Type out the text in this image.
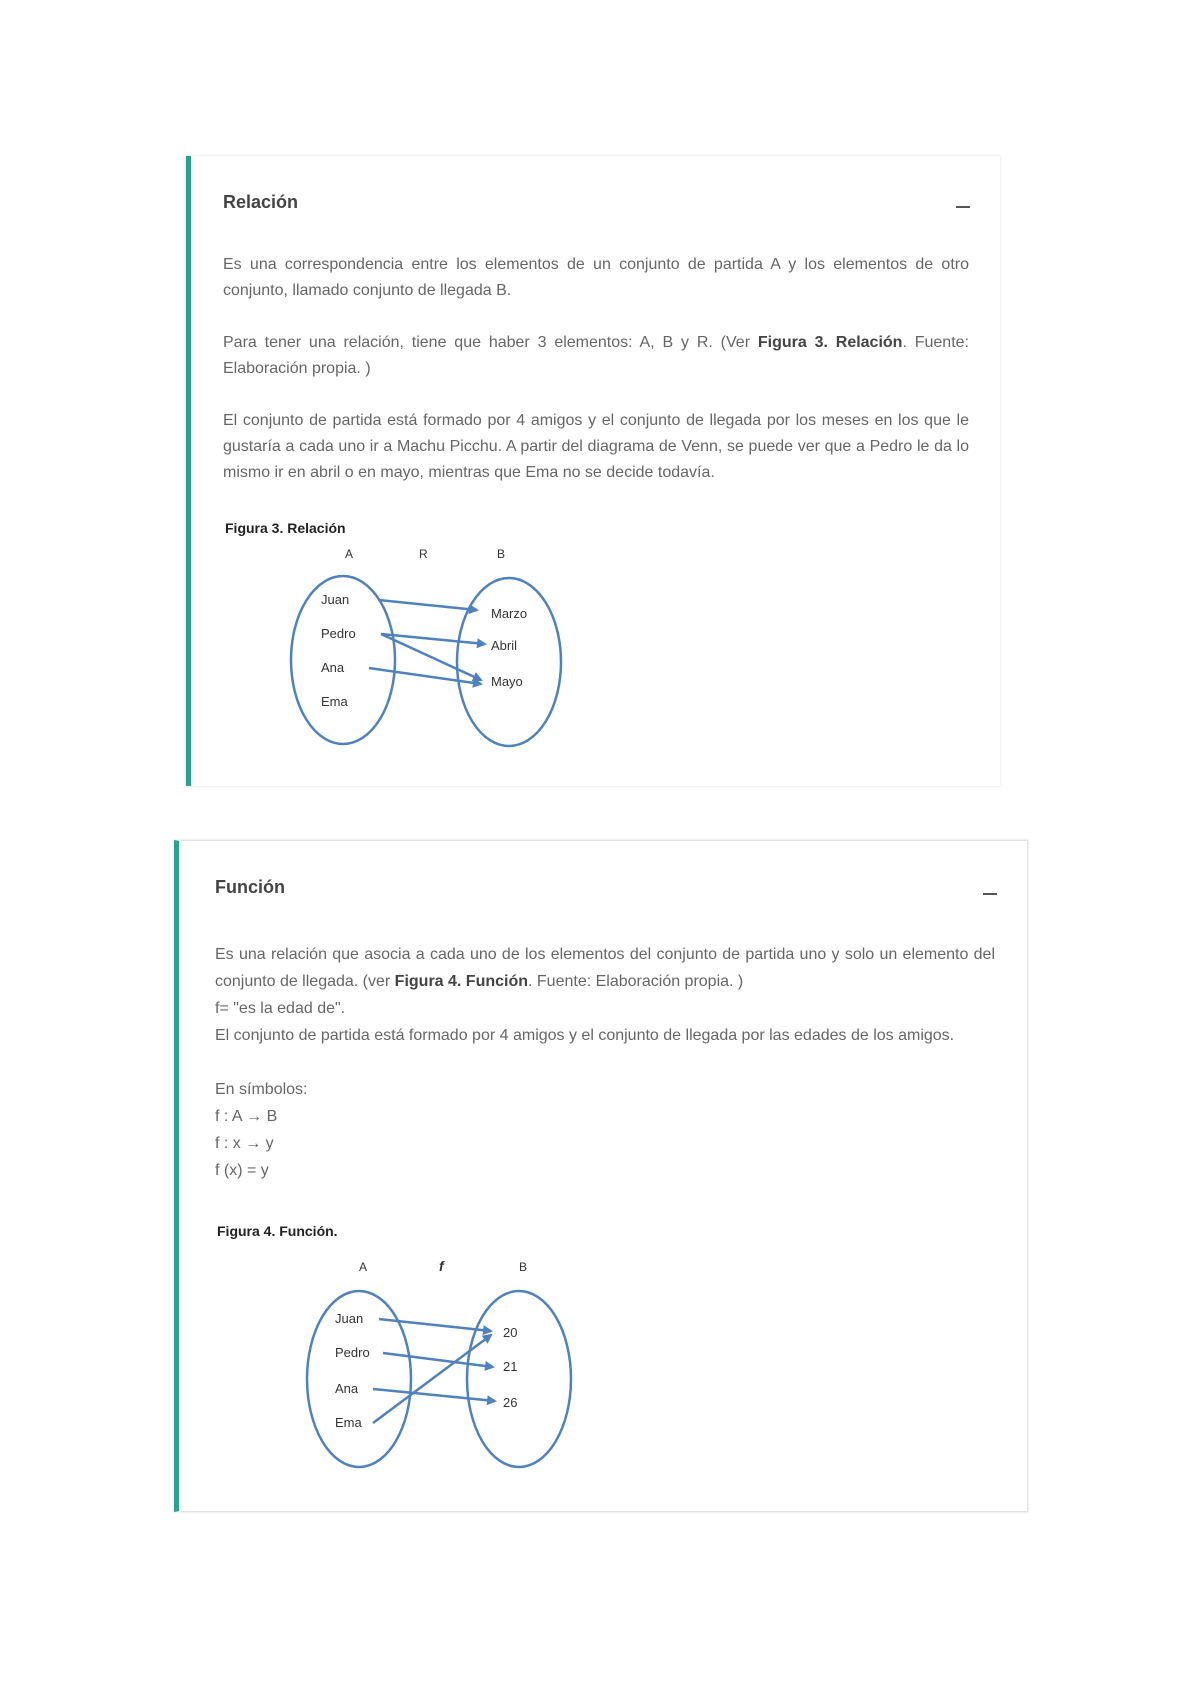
Relación

Es una correspondencia entre los elementos de un conjunto de partida A y los elementos de otro conjunto, llamado conjunto de llegada B.

Para tener una relación, tiene que haber 3 elementos: A, B y R. (Ver Figura 3. Relación. Fuente: Elaboración propia. )

El conjunto de partida está formado por 4 amigos y el conjunto de llegada por los meses en los que le gustaría a cada uno ir a Machu Picchu. A partir del diagrama de Venn, se puede ver que a Pedro le da lo mismo ir en abril o en mayo, mientras que Ema no se decide todavía.

Figura 3. Relación
A	R	B
Juan
Pedro
Ana
Ema
Marzo
Abril
Mayo
Función

Es una relación que asocia a cada uno de los elementos del conjunto de partida uno y solo un elemento del conjunto de llegada. (ver Figura 4. Función. Fuente: Elaboración propia. )

f= "es la edad de".

El conjunto de partida está formado por 4 amigos y el conjunto de llegada por las edades de los amigos.

En símbolos:
f : A → B
f : x → y
f (x) = y
Figura 4. Función.
A	f	B
Juan
Pedro
Ana
Ema
20
21
26
